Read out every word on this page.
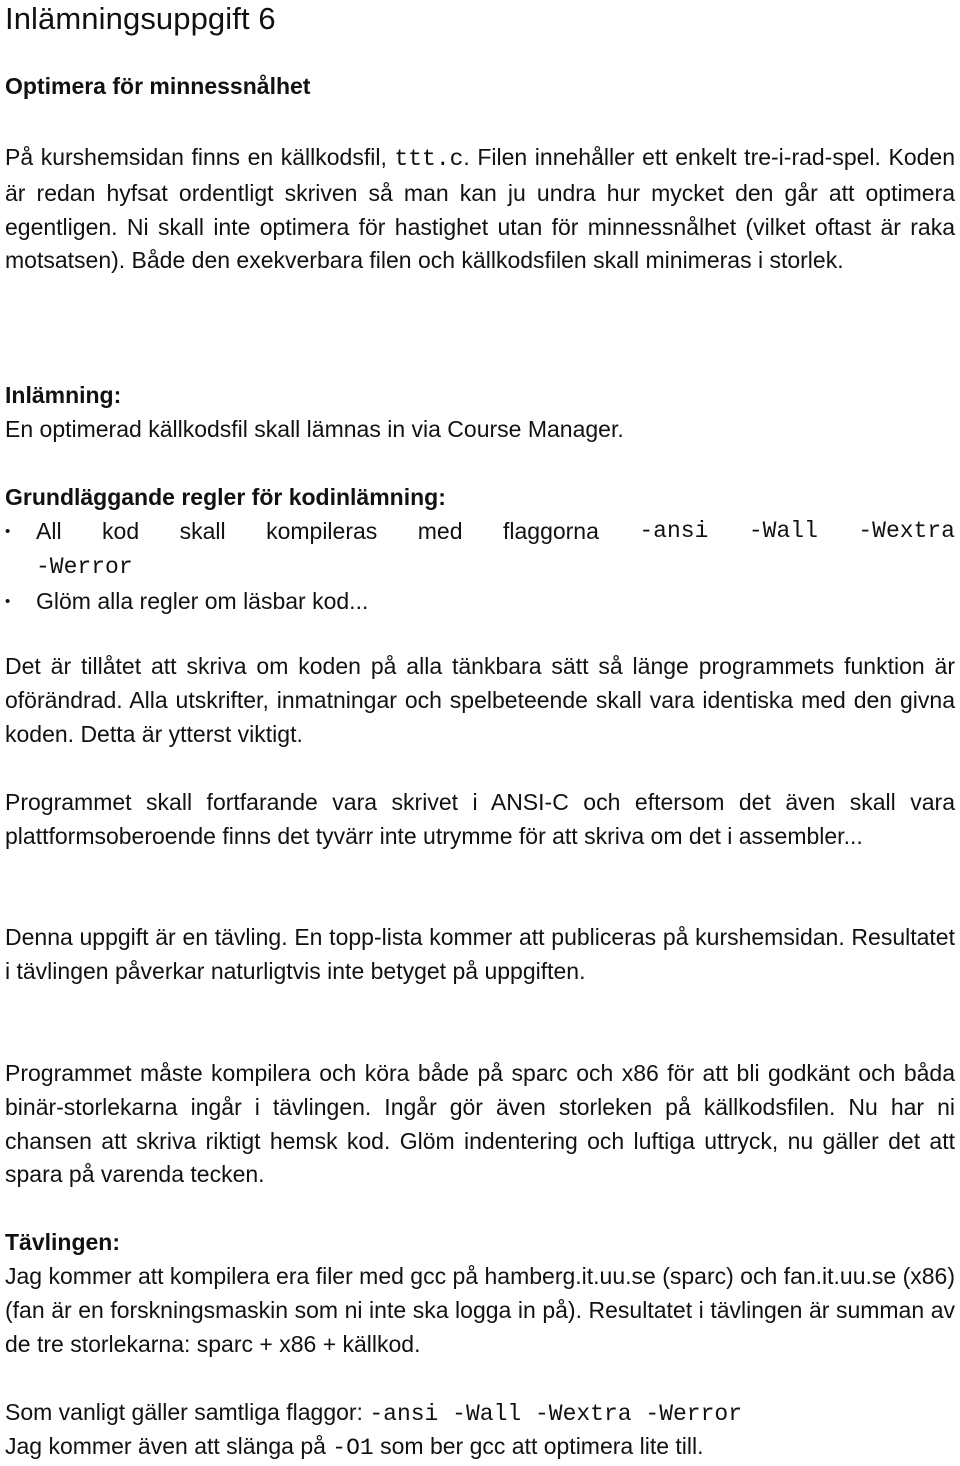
Inlämningsuppgift 6
Optimera för minnessnålhet
På kurshemsidan finns en källkodsfil, ttt.c. Filen innehåller ett enkelt tre-i-rad-spel. Koden är redan hyfsat ordentligt skriven så man kan ju undra hur mycket den går att optimera egentligen. Ni skall inte optimera för hastighet utan för minnessnålhet (vilket oftast är raka motsatsen). Både den exekverbara filen och källkodsfilen skall minimeras i storlek.
Inlämning:
En optimerad källkodsfil skall lämnas in via Course Manager.
Grundläggande regler för kodinlämning:
• All kod skall kompileras med flaggorna -ansi -Wall -Wextra
-Werror
• Glöm alla regler om läsbar kod...
Det är tillåtet att skriva om koden på alla tänkbara sätt så länge programmets funktion är oförändrad. Alla utskrifter, inmatningar och spelbeteende skall vara identiska med den givna koden. Detta är ytterst viktigt.
Programmet skall fortfarande vara skrivet i ANSI-C och eftersom det även skall vara plattformsoberoende finns det tyvärr inte utrymme för att skriva om det i assembler...
Denna uppgift är en tävling. En topp-lista kommer att publiceras på kurshemsidan. Resultatet i tävlingen påverkar naturligtvis inte betyget på uppgiften.
Programmet måste kompilera och köra både på sparc och x86 för att bli godkänt och båda binär-storlekarna ingår i tävlingen. Ingår gör även storleken på källkodsfilen. Nu har ni chansen att skriva riktigt hemsk kod. Glöm indentering och luftiga uttryck, nu gäller det att spara på varenda tecken.
Tävlingen:
Jag kommer att kompilera era filer med gcc på hamberg.it.uu.se (sparc) och fan.it.uu.se (x86) (fan är en forskningsmaskin som ni inte ska logga in på). Resultatet i tävlingen är summan av de tre storlekarna: sparc + x86 + källkod.
Som vanligt gäller samtliga flaggor: -ansi -Wall -Wextra -Werror
Jag kommer även att slänga på -O1 som ber gcc att optimera lite till.
